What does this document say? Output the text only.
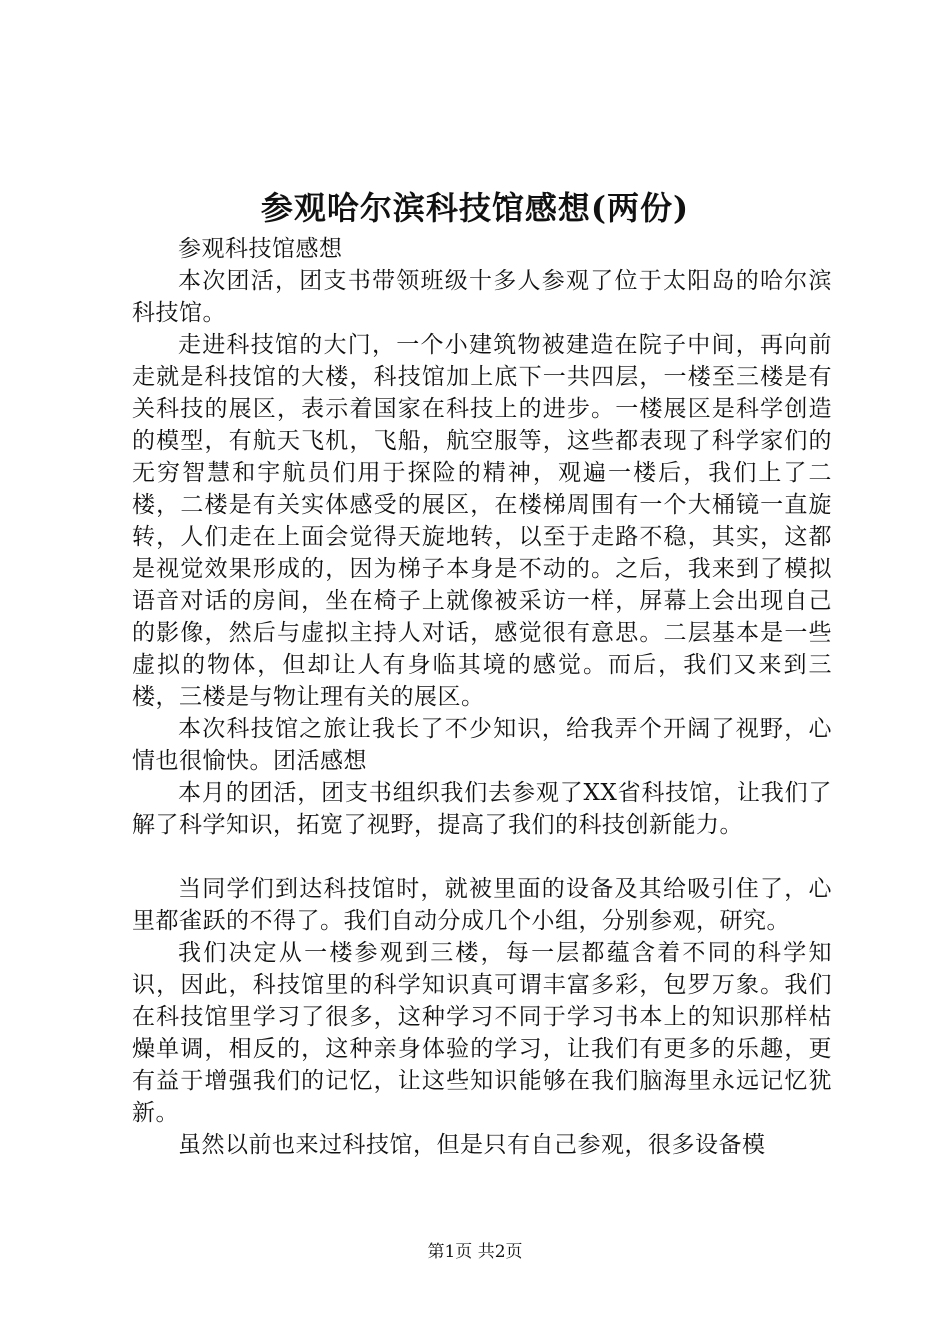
参观哈尔滨科技馆感想(两份)

参观科技馆感想

本次团活，团支书带领班级十多人参观了位于太阳岛的哈尔滨科技馆。

走进科技馆的大门，一个小建筑物被建造在院子中间，再向前走就是科技馆的大楼，科技馆加上底下一共四层，一楼至三楼是有关科技的展区，表示着国家在科技上的进步。一楼展区是科学创造的模型，有航天飞机，飞船，航空服等，这些都表现了科学家们的无穷智慧和宇航员们用于探险的精神，观遍一楼后，我们上了二楼，二楼是有关实体感受的展区，在楼梯周围有一个大桶镜一直旋转，人们走在上面会觉得天旋地转，以至于走路不稳，其实，这都是视觉效果形成的，因为梯子本身是不动的。之后，我来到了模拟语音对话的房间，坐在椅子上就像被采访一样，屏幕上会出现自己的影像，然后与虚拟主持人对话，感觉很有意思。二层基本是一些虚拟的物体，但却让人有身临其境的感觉。而后，我们又来到三楼，三楼是与物让理有关的展区。

本次科技馆之旅让我长了不少知识，给我弄个开阔了视野，心情也很愉快。团活感想

本月的团活，团支书组织我们去参观了XX省科技馆，让我们了解了科学知识，拓宽了视野，提高了我们的科技创新能力。

当同学们到达科技馆时，就被里面的设备及其给吸引住了，心里都雀跃的不得了。我们自动分成几个小组，分别参观，研究。

我们决定从一楼参观到三楼，每一层都蕴含着不同的科学知识，因此，科技馆里的科学知识真可谓丰富多彩，包罗万象。我们在科技馆里学习了很多，这种学习不同于学习书本上的知识那样枯燥单调，相反的，这种亲身体验的学习，让我们有更多的乐趣，更有益于增强我们的记忆，让这些知识能够在我们脑海里永远记忆犹新。

虽然以前也来过科技馆，但是只有自己参观，很多设备模

第1页 共2页
